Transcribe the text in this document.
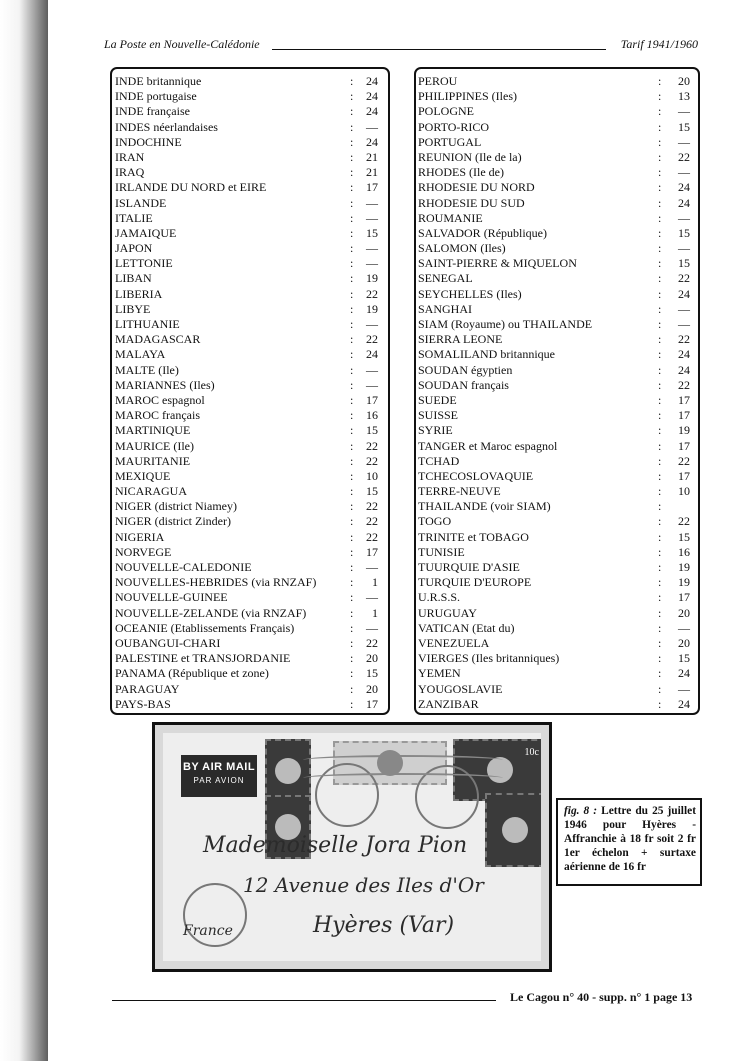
La Poste en Nouvelle-Calédonie	Tarif 1941/1960
INDE britannique	:	24
INDE portugaise	:	24
INDE française	:	24
INDES néerlandaises	:	—
INDOCHINE	:	24
IRAN	:	21
IRAQ	:	21
IRLANDE DU NORD et EIRE	:	17
ISLANDE	:	—
ITALIE	:	—
JAMAIQUE	:	15
JAPON	:	—
LETTONIE	:	—
LIBAN	:	19
LIBERIA	:	22
LIBYE	:	19
LITHUANIE	:	—
MADAGASCAR	:	22
MALAYA	:	24
MALTE (Ile)	:	—
MARIANNES (Iles)	:	—
MAROC espagnol	:	17
MAROC français	:	16
MARTINIQUE	:	15
MAURICE (Ile)	:	22
MAURITANIE	:	22
MEXIQUE	:	10
NICARAGUA	:	15
NIGER (district Niamey)	:	22
NIGER (district Zinder)	:	22
NIGERIA	:	22
NORVEGE	:	17
NOUVELLE-CALEDONIE	:	—
NOUVELLES-HEBRIDES (via RNZAF)	:	1
NOUVELLE-GUINEE	:	—
NOUVELLE-ZELANDE (via RNZAF)	:	1
OCEANIE (Etablissements Français)	:	—
OUBANGUI-CHARI	:	22
PALESTINE et TRANSJORDANIE	:	20
PANAMA (République et zone)	:	15
PARAGUAY	:	20
PAYS-BAS	:	17
PEROU	:	20
PHILIPPINES (Iles)	:	13
POLOGNE	:	—
PORTO-RICO	:	15
PORTUGAL	:	—
REUNION (Ile de la)	:	22
RHODES (Ile de)	:	—
RHODESIE DU NORD	:	24
RHODESIE DU SUD	:	24
ROUMANIE	:	—
SALVADOR (République)	:	15
SALOMON (Iles)	:	—
SAINT-PIERRE & MIQUELON	:	15
SENEGAL	:	22
SEYCHELLES (Iles)	:	24
SANGHAI	:	—
SIAM (Royaume) ou THAILANDE	:	—
SIERRA LEONE	:	22
SOMALILAND britannique	:	24
SOUDAN égyptien	:	24
SOUDAN français	:	22
SUEDE	:	17
SUISSE	:	17
SYRIE	:	19
TANGER et Maroc espagnol	:	17
TCHAD	:	22
TCHECOSLOVAQUIE	:	17
TERRE-NEUVE	:	10
THAILANDE (voir SIAM)	:
TOGO	:	22
TRINITE et TOBAGO	:	15
TUNISIE	:	16
TUURQUIE D'ASIE	:	19
TURQUIE D'EUROPE	:	19
U.R.S.S.	:	17
URUGUAY	:	20
VATICAN (Etat du)	:	—
VENEZUELA	:	20
VIERGES (Iles britanniques)	:	15
YEMEN	:	24
YOUGOSLAVIE	:	—
ZANZIBAR	:	24
BY AIR MAIL
PAR AVION
10c
Mademoiselle Jora Pion
12 Avenue des Iles d'Or
Hyères (Var)
France
fig. 8 : Lettre du 25 juillet 1946 pour Hyères - Affranchie à 18 fr soit 2 fr 1er échelon + surtaxe aérienne de 16 fr
Le Cagou n° 40 - supp. n° 1 page 13
